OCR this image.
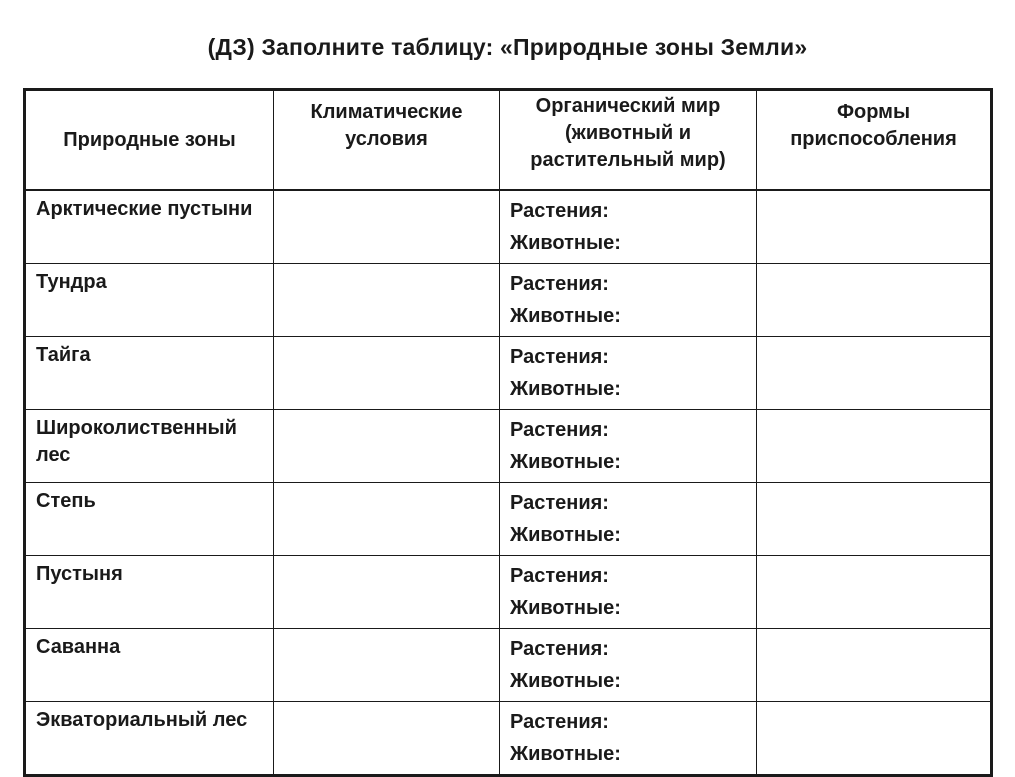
(ДЗ) Заполните таблицу: «Природные зоны Земли»
Природные зоны	Климатические условия	Органический мир (животный и растительный мир)	Формы приспособления
Арктические пустыни		Растения:
Животные:	

Тундра		Растения:
Животные:	

Тайга		Растения:
Животные:	

Широколиственный лес		Растения:
Животные:	

Степь		Растения:
Животные:	

Пустыня		Растения:
Животные:	

Саванна		Растения:
Животные:	

Экваториальный лес		Растения:
Животные:	
